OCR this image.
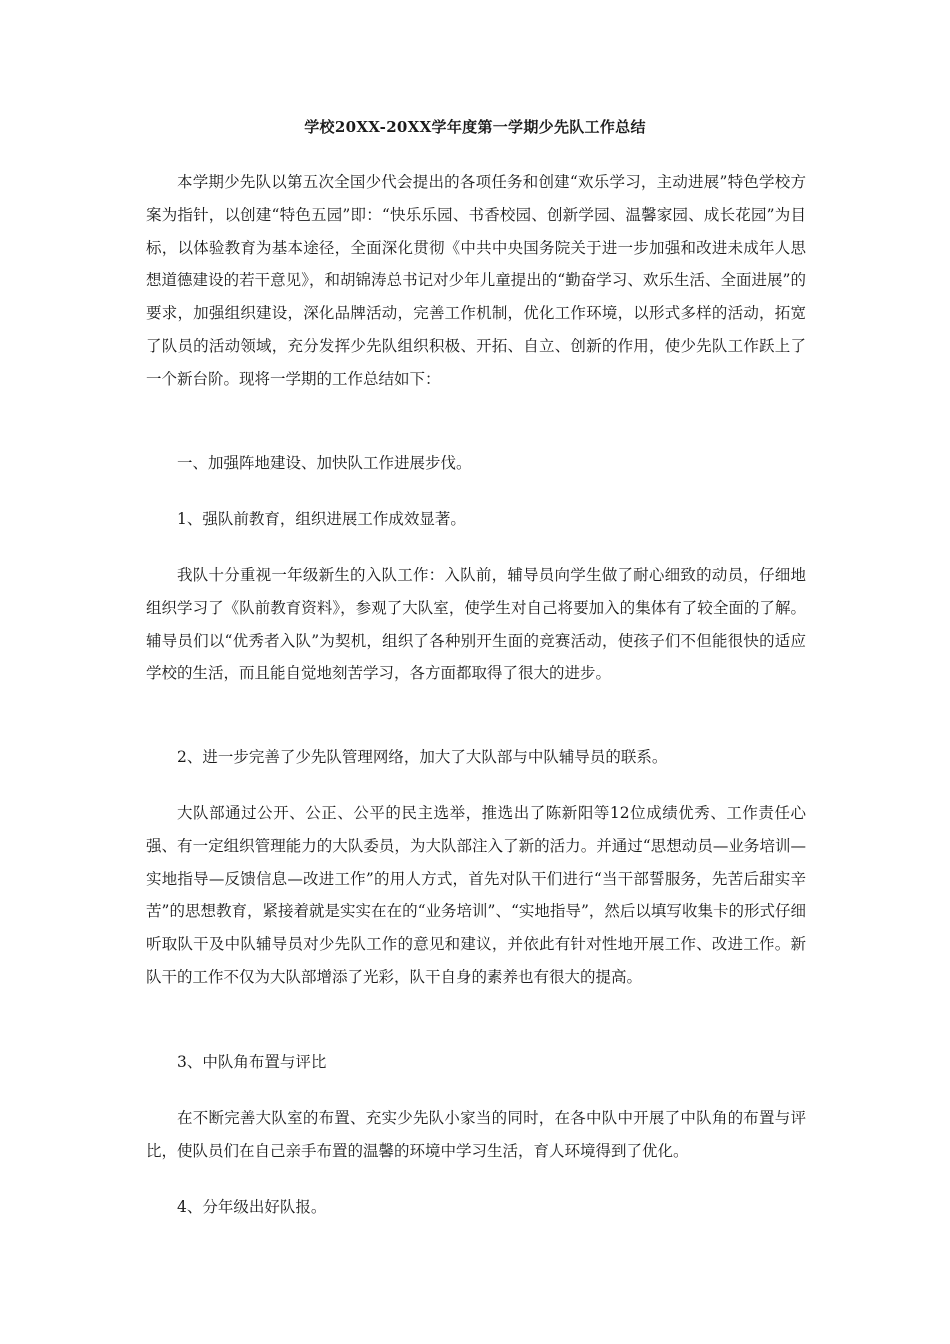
学校20XX-20XX学年度第一学期少先队工作总结

本学期少先队以第五次全国少代会提出的各项任务和创建“欢乐学习，主动进展”特色学校方案为指针，以创建“特色五园”即：“快乐乐园、书香校园、创新学园、温馨家园、成长花园”为目标，以体验教育为基本途径，全面深化贯彻《中共中央国务院关于进一步加强和改进未成年人思想道德建设的若干意见》，和胡锦涛总书记对少年儿童提出的“勤奋学习、欢乐生活、全面进展”的要求，加强组织建设，深化品牌活动，完善工作机制，优化工作环境，以形式多样的活动，拓宽了队员的活动领域，充分发挥少先队组织积极、开拓、自立、创新的作用，使少先队工作跃上了一个新台阶。现将一学期的工作总结如下：

一、加强阵地建设、加快队工作进展步伐。

1、强队前教育，组织进展工作成效显著。

我队十分重视一年级新生的入队工作：入队前，辅导员向学生做了耐心细致的动员，仔细地组织学习了《队前教育资料》，参观了大队室，使学生对自己将要加入的集体有了较全面的了解。辅导员们以“优秀者入队”为契机，组织了各种别开生面的竞赛活动，使孩子们不但能很快的适应学校的生活，而且能自觉地刻苦学习，各方面都取得了很大的进步。

2、进一步完善了少先队管理网络，加大了大队部与中队辅导员的联系。

大队部通过公开、公正、公平的民主选举，推选出了陈新阳等12位成绩优秀、工作责任心强、有一定组织管理能力的大队委员，为大队部注入了新的活力。并通过“思想动员—业务培训—实地指导—反馈信息—改进工作”的用人方式，首先对队干们进行“当干部誓服务，先苦后甜实辛苦”的思想教育，紧接着就是实实在在的“业务培训”、“实地指导”，然后以填写收集卡的形式仔细听取队干及中队辅导员对少先队工作的意见和建议，并依此有针对性地开展工作、改进工作。新队干的工作不仅为大队部增添了光彩，队干自身的素养也有很大的提高。

3、中队角布置与评比

在不断完善大队室的布置、充实少先队小家当的同时，在各中队中开展了中队角的布置与评比，使队员们在自己亲手布置的温馨的环境中学习生活，育人环境得到了优化。

4、分年级出好队报。
